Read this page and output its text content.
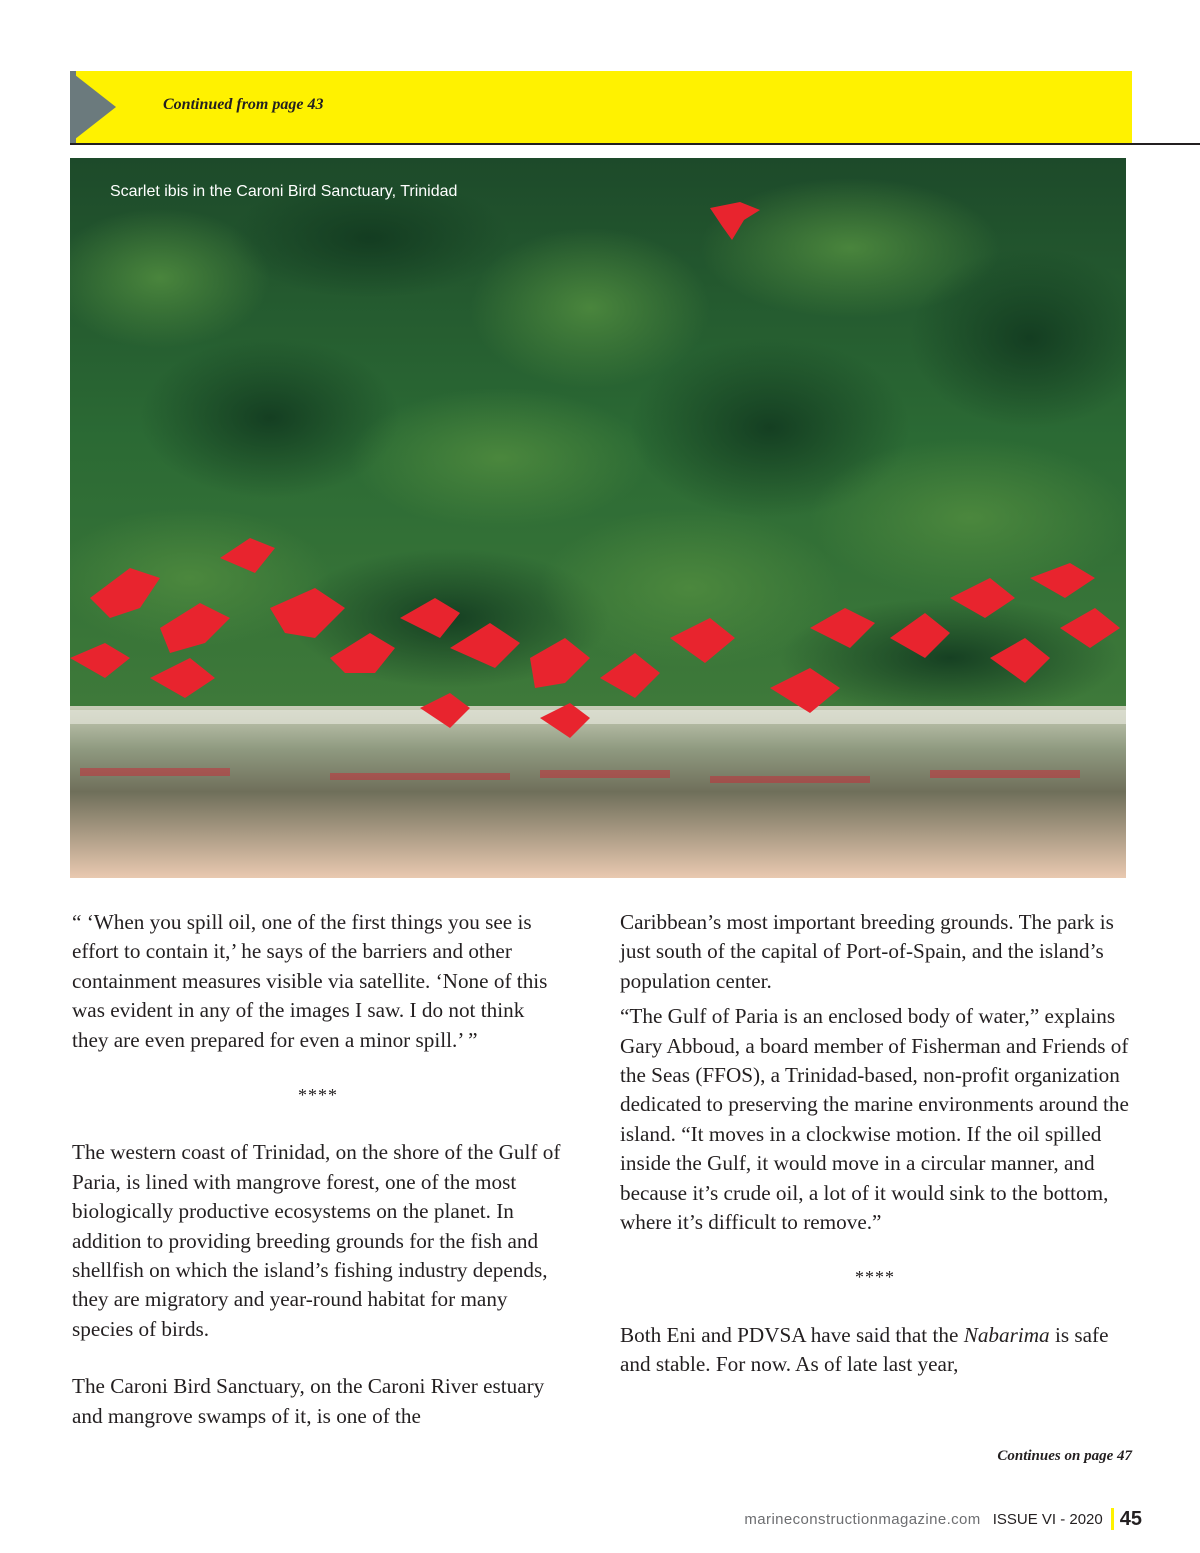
Continued from page 43
Scarlet ibis in the Caroni Bird Sanctuary, Trinidad

“ ‘When you spill oil, one of the first things you see is effort to contain it,’ he says of the barriers and other containment measures visible via satellite. ‘None of this was evident in any of the images I saw. I do not think they are even prepared for even a minor spill.’ ”

****

The western coast of Trinidad, on the shore of the Gulf of Paria, is lined with mangrove forest, one of the most biologically productive ecosystems on the planet. In addition to providing breeding grounds for the fish and shellfish on which the island’s fishing industry depends, they are migratory and year-round habitat for many species of birds.

The Caroni Bird Sanctuary, on the Caroni River estuary and mangrove swamps of it, is one of the

Caribbean’s most important breeding grounds. The park is just south of the capital of Port-of-Spain, and the island’s population center.

“The Gulf of Paria is an enclosed body of water,” explains Gary Abboud, a board member of Fisherman and Friends of the Seas (FFOS), a Trinidad-based, non-profit organization dedicated to preserving the marine environments around the island. “It moves in a clockwise motion. If the oil spilled inside the Gulf, it would move in a circular manner, and because it’s crude oil, a lot of it would sink to the bottom, where it’s difficult to remove.”

****

Both Eni and PDVSA have said that the Nabarima is safe and stable. For now. As of late last year,

Continues on page 47
marineconstructionmagazine.com ISSUE VI - 2020 45
